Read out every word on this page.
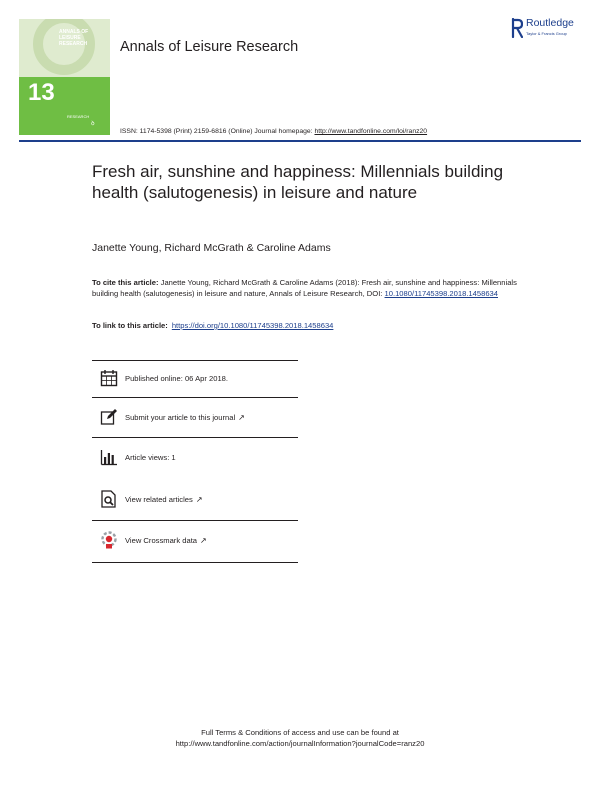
ANNALS OF LEISURE
RESEARCH
13
RESEARCH
ꝺ
Annals of Leisure Research
Routledge
Taylor & Francis Group
ISSN: 1174-5398 (Print) 2159-6816 (Online) Journal homepage: http://www.tandfonline.com/loi/ranz20
Fresh air, sunshine and happiness: Millennials building health (salutogenesis) in leisure and nature
Janette Young, Richard McGrath & Caroline Adams
To cite this article: Janette Young, Richard McGrath & Caroline Adams (2018): Fresh air, sunshine and happiness: Millennials building health (salutogenesis) in leisure and nature, Annals of Leisure Research, DOI: 10.1080/11745398.2018.1458634
To link to this article: https://doi.org/10.1080/11745398.2018.1458634
Published online: 06 Apr 2018.
Submit your article to this journal ↗
Article views: 1
View related articles ↗
View Crossmark data ↗
Full Terms & Conditions of access and use can be found at
http://www.tandfonline.com/action/journalInformation?journalCode=ranz20
